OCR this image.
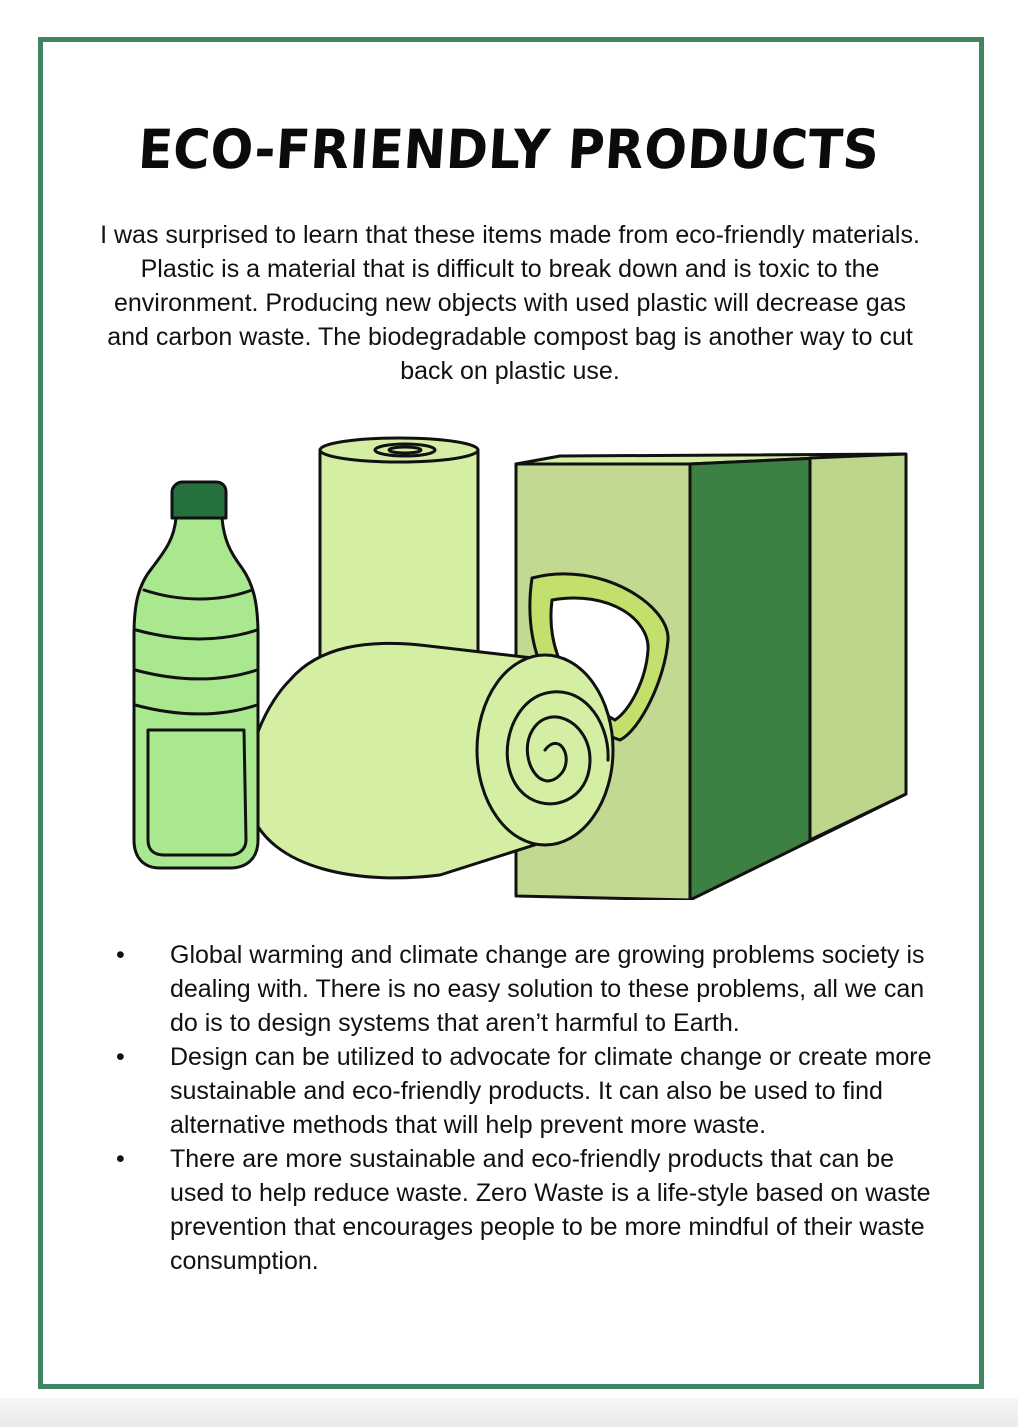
ECO-FRIENDLY PRODUCTS

I was surprised to learn that these items made from eco-friendly materials. Plastic is a material that is difficult to break down and is toxic to the environment. Producing new objects with used plastic will decrease gas and carbon waste. The biodegradable compost bag is another way to cut back on plastic use.

• Global warming and climate change are growing problems society is dealing with. There is no easy solution to these problems, all we can do is to design systems that aren’t harmful to Earth.
• Design can be utilized to advocate for climate change or create more sustainable and eco-friendly products. It can also be used to find alternative methods that will help prevent more waste.
• There are more sustainable and eco-friendly products that can be used to help reduce waste. Zero Waste is a life-style based on waste prevention that encourages people to be more mindful of their waste consumption.
